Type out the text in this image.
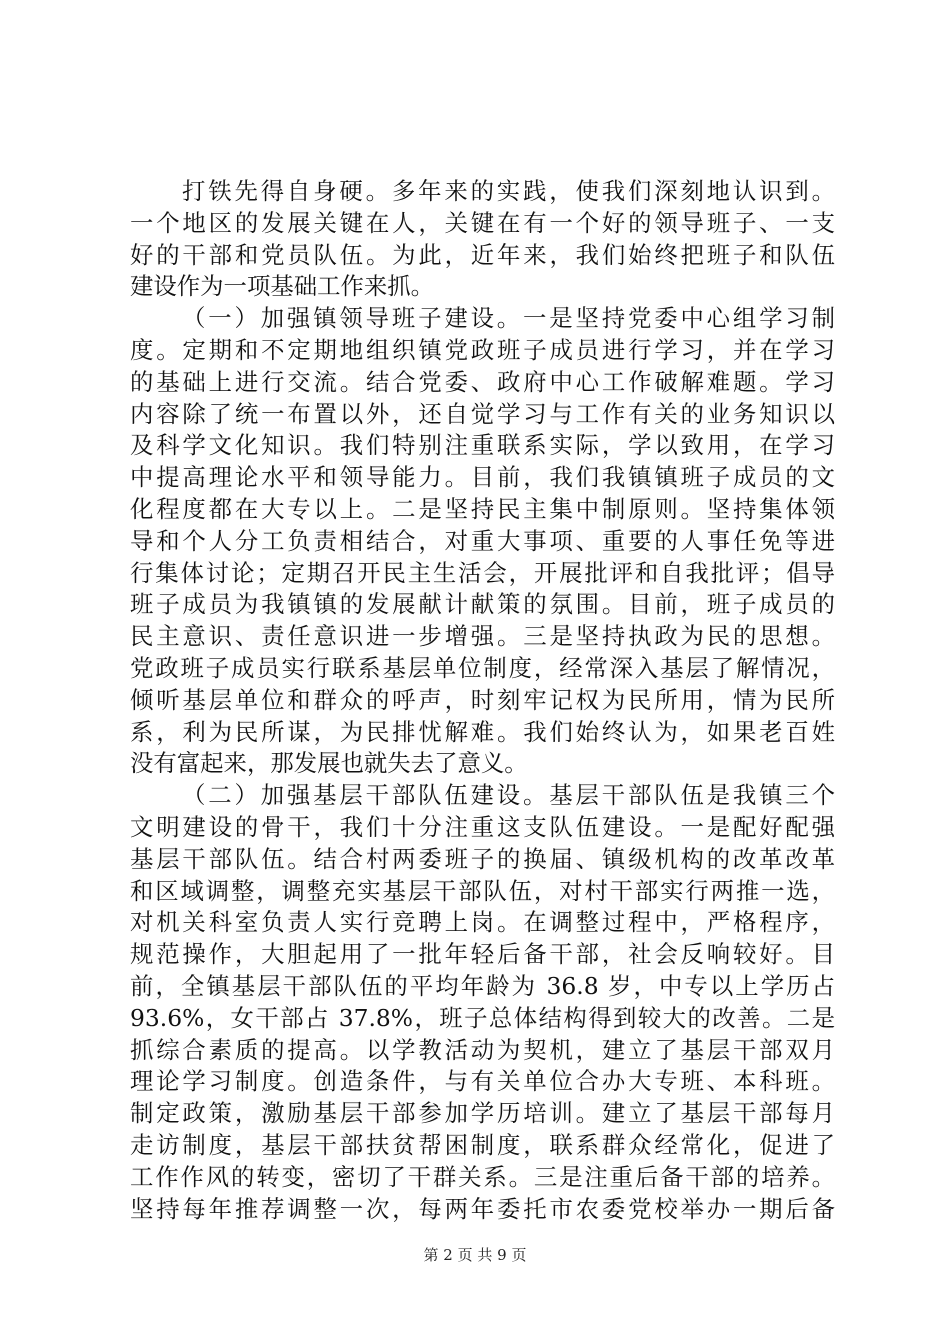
打铁先得自身硬。多年来的实践，使我们深刻地认识到。
一个地区的发展关键在人，关键在有一个好的领导班子、一支
好的干部和党员队伍。为此，近年来，我们始终把班子和队伍
建设作为一项基础工作来抓。
（一）加强镇领导班子建设。一是坚持党委中心组学习制
度。定期和不定期地组织镇党政班子成员进行学习，并在学习
的基础上进行交流。结合党委、政府中心工作破解难题。学习
内容除了统一布置以外，还自觉学习与工作有关的业务知识以
及科学文化知识。我们特别注重联系实际，学以致用，在学习
中提高理论水平和领导能力。目前，我们我镇镇班子成员的文
化程度都在大专以上。二是坚持民主集中制原则。坚持集体领
导和个人分工负责相结合，对重大事项、重要的人事任免等进
行集体讨论；定期召开民主生活会，开展批评和自我批评；倡导
班子成员为我镇镇的发展献计献策的氛围。目前，班子成员的
民主意识、责任意识进一步增强。三是坚持执政为民的思想。
党政班子成员实行联系基层单位制度，经常深入基层了解情况，
倾听基层单位和群众的呼声，时刻牢记权为民所用，情为民所
系，利为民所谋，为民排忧解难。我们始终认为，如果老百姓
没有富起来，那发展也就失去了意义。
（二）加强基层干部队伍建设。基层干部队伍是我镇三个
文明建设的骨干，我们十分注重这支队伍建设。一是配好配强
基层干部队伍。结合村两委班子的换届、镇级机构的改革改革
和区域调整，调整充实基层干部队伍，对村干部实行两推一选，
对机关科室负责人实行竞聘上岗。在调整过程中，严格程序，
规范操作，大胆起用了一批年轻后备干部，社会反响较好。目
前，全镇基层干部队伍的平均年龄为 36.8 岁，中专以上学历占
93.6%，女干部占 37.8%，班子总体结构得到较大的改善。二是
抓综合素质的提高。以学教活动为契机，建立了基层干部双月
理论学习制度。创造条件，与有关单位合办大专班、本科班。
制定政策，激励基层干部参加学历培训。建立了基层干部每月
走访制度，基层干部扶贫帮困制度，联系群众经常化，促进了
工作作风的转变，密切了干群关系。三是注重后备干部的培养。
坚持每年推荐调整一次，每两年委托市农委党校举办一期后备
第 2 页 共 9 页
